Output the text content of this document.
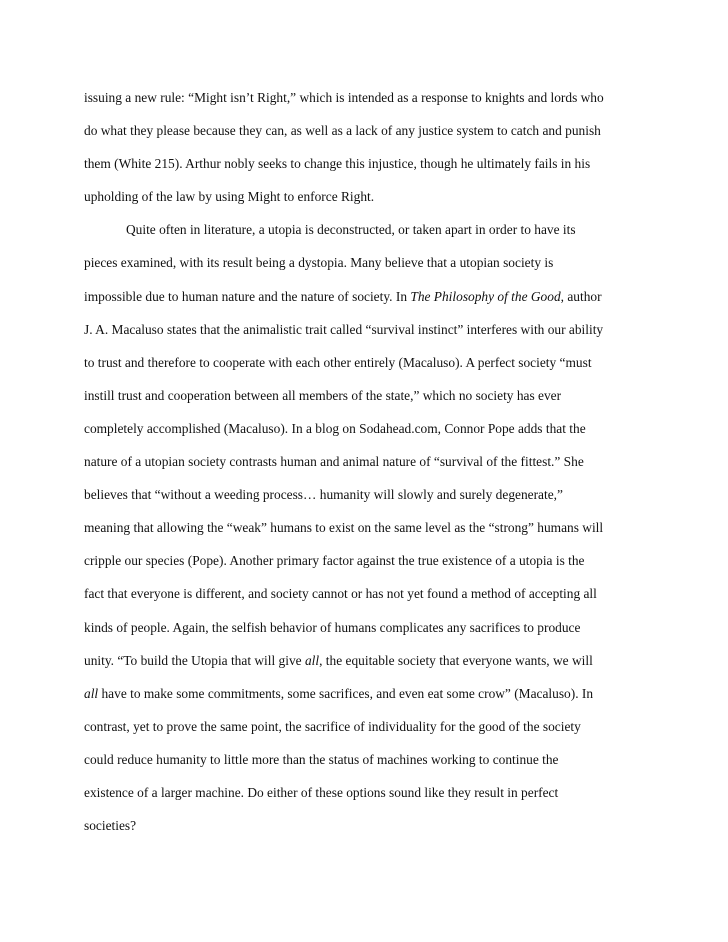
issuing a new rule: “Might isn’t Right,” which is intended as a response to knights and lords who
do what they please because they can, as well as a lack of any justice system to catch and punish
them (White 215). Arthur nobly seeks to change this injustice, though he ultimately fails in his
upholding of the law by using Might to enforce Right.
Quite often in literature, a utopia is deconstructed, or taken apart in order to have its
pieces examined, with its result being a dystopia. Many believe that a utopian society is
impossible due to human nature and the nature of society. In The Philosophy of the Good, author
J. A. Macaluso states that the animalistic trait called “survival instinct” interferes with our ability
to trust and therefore to cooperate with each other entirely (Macaluso). A perfect society “must
instill trust and cooperation between all members of the state,” which no society has ever
completely accomplished (Macaluso). In a blog on Sodahead.com, Connor Pope adds that the
nature of a utopian society contrasts human and animal nature of “survival of the fittest.” She
believes that “without a weeding process… humanity will slowly and surely degenerate,”
meaning that allowing the “weak” humans to exist on the same level as the “strong” humans will
cripple our species (Pope). Another primary factor against the true existence of a utopia is the
fact that everyone is different, and society cannot or has not yet found a method of accepting all
kinds of people. Again, the selfish behavior of humans complicates any sacrifices to produce
unity. “To build the Utopia that will give all, the equitable society that everyone wants, we will
all have to make some commitments, some sacrifices, and even eat some crow” (Macaluso). In
contrast, yet to prove the same point, the sacrifice of individuality for the good of the society
could reduce humanity to little more than the status of machines working to continue the
existence of a larger machine. Do either of these options sound like they result in perfect
societies?
